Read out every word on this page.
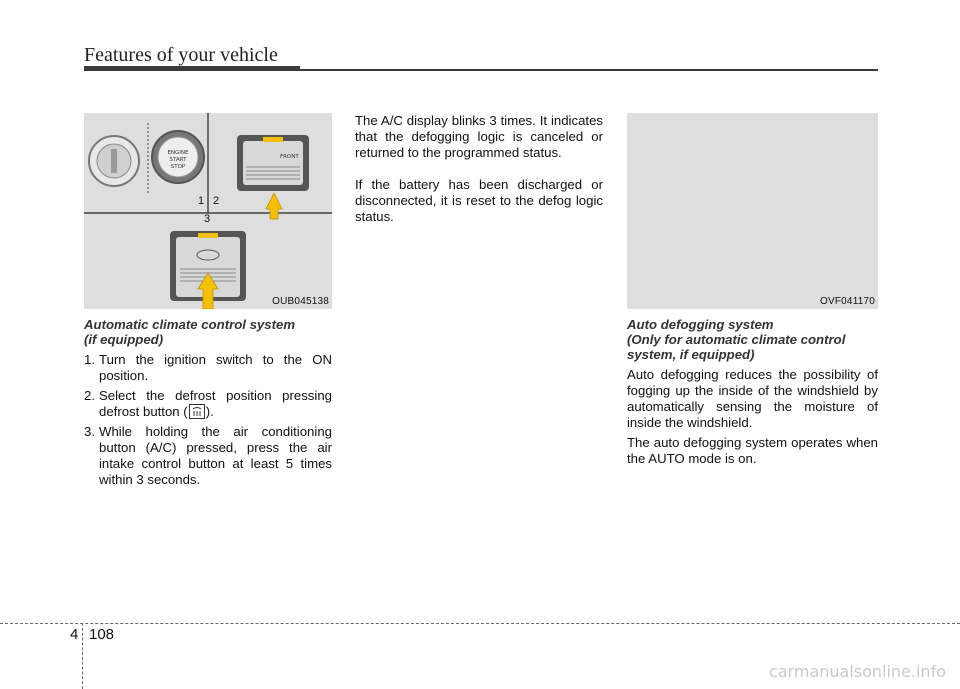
Features of your vehicle
ENGINE
START
STOP
FRONT
1 2
3
OUB045138	OVF041170
Automatic climate control system
(if equipped)
1. Turn the ignition switch to the ON position.
2. Select the defrost position pressing defrost button ( ).
3. While holding the air conditioning button (A/C) pressed, press the air intake control button at least 5 times within 3 seconds.

The A/C display blinks 3 times. It indicates that the defogging logic is canceled or returned to the programmed status.

If the battery has been discharged or disconnected, it is reset to the defog logic status.

Auto defogging system
(Only for automatic climate control
system, if equipped)

Auto defogging reduces the possibility of fogging up the inside of the windshield by automatically sensing the moisture of inside the windshield.

The auto defogging system operates when the AUTO mode is on.

4 108
carmanualsonline.info
